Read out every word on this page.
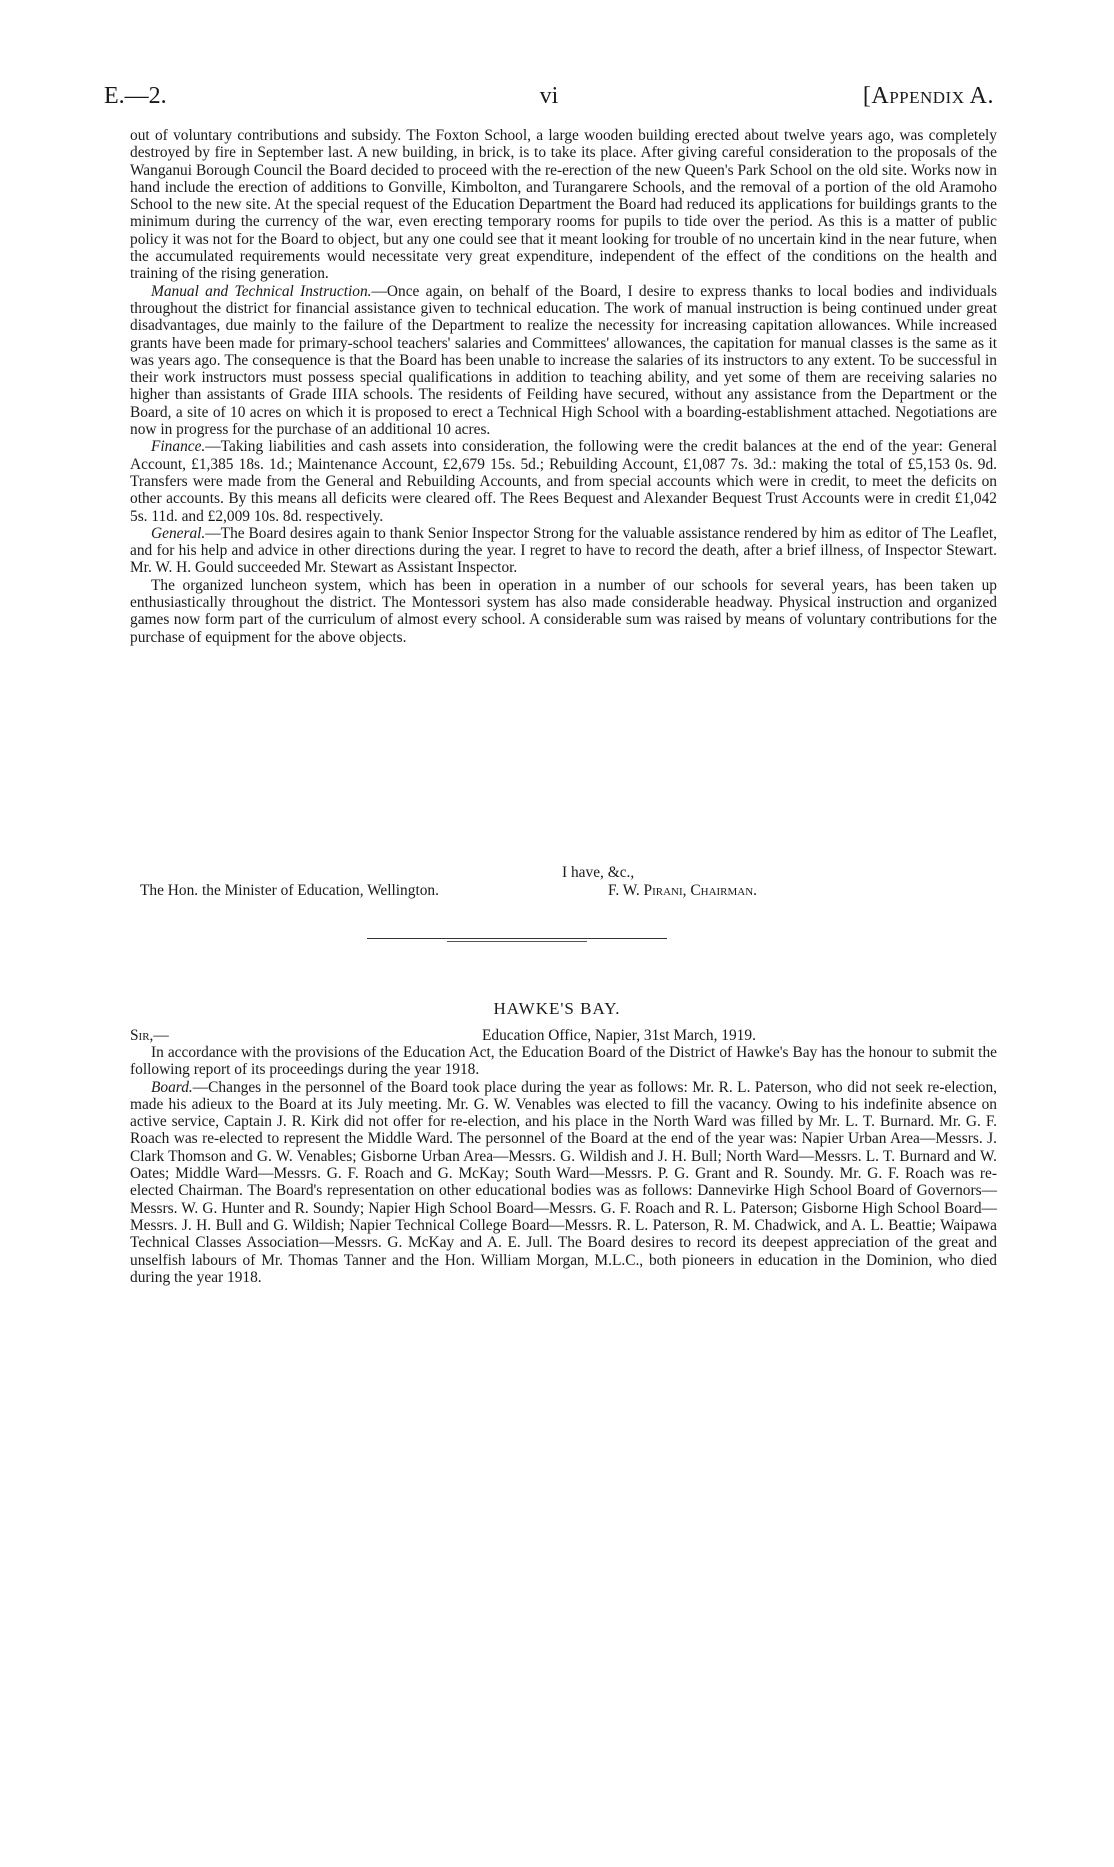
E.—2.	vi	[Appendix A.

out of voluntary contributions and subsidy. The Foxton School, a large wooden building erected about twelve years ago, was completely destroyed by fire in September last. A new building, in brick, is to take its place. After giving careful consideration to the proposals of the Wanganui Borough Council the Board decided to proceed with the re-erection of the new Queen's Park School on the old site. Works now in hand include the erection of additions to Gonville, Kimbolton, and Turangarere Schools, and the removal of a portion of the old Aramoho School to the new site. At the special request of the Education Department the Board had reduced its applications for buildings grants to the minimum during the currency of the war, even erecting temporary rooms for pupils to tide over the period. As this is a matter of public policy it was not for the Board to object, but any one could see that it meant looking for trouble of no uncertain kind in the near future, when the accumulated requirements would necessitate very great expenditure, independent of the effect of the conditions on the health and training of the rising generation.

Manual and Technical Instruction.—Once again, on behalf of the Board, I desire to express thanks to local bodies and individuals throughout the district for financial assistance given to technical education. The work of manual instruction is being continued under great disadvantages, due mainly to the failure of the Department to realize the necessity for increasing capitation allowances. While increased grants have been made for primary-school teachers' salaries and Committees' allowances, the capitation for manual classes is the same as it was years ago. The consequence is that the Board has been unable to increase the salaries of its instructors to any extent. To be successful in their work instructors must possess special qualifications in addition to teaching ability, and yet some of them are receiving salaries no higher than assistants of Grade IIIA schools. The residents of Feilding have secured, without any assistance from the Department or the Board, a site of 10 acres on which it is proposed to erect a Technical High School with a boarding-establishment attached. Negotiations are now in progress for the purchase of an additional 10 acres.

Finance.—Taking liabilities and cash assets into consideration, the following were the credit balances at the end of the year: General Account, £1,385 18s. 1d.; Maintenance Account, £2,679 15s. 5d.; Rebuilding Account, £1,087 7s. 3d.: making the total of £5,153 0s. 9d. Transfers were made from the General and Rebuilding Accounts, and from special accounts which were in credit, to meet the deficits on other accounts. By this means all deficits were cleared off. The Rees Bequest and Alexander Bequest Trust Accounts were in credit £1,042 5s. 11d. and £2,009 10s. 8d. respectively.

General.—The Board desires again to thank Senior Inspector Strong for the valuable assistance rendered by him as editor of The Leaflet, and for his help and advice in other directions during the year. I regret to have to record the death, after a brief illness, of Inspector Stewart. Mr. W. H. Gould succeeded Mr. Stewart as Assistant Inspector.

The organized luncheon system, which has been in operation in a number of our schools for several years, has been taken up enthusiastically throughout the district. The Montessori system has also made considerable headway. Physical instruction and organized games now form part of the curriculum of almost every school. A considerable sum was raised by means of voluntary contributions for the purchase of equipment for the above objects.

I have, &c.,
The Hon. the Minister of Education, Wellington.	F. W. Pirani, Chairman.
HAWKE'S BAY.
Sir,—	Education Office, Napier, 31st March, 1919.

In accordance with the provisions of the Education Act, the Education Board of the District of Hawke's Bay has the honour to submit the following report of its proceedings during the year 1918.

Board.—Changes in the personnel of the Board took place during the year as follows: Mr. R. L. Paterson, who did not seek re-election, made his adieux to the Board at its July meeting. Mr. G. W. Venables was elected to fill the vacancy. Owing to his indefinite absence on active service, Captain J. R. Kirk did not offer for re-election, and his place in the North Ward was filled by Mr. L. T. Burnard. Mr. G. F. Roach was re-elected to represent the Middle Ward. The personnel of the Board at the end of the year was: Napier Urban Area—Messrs. J. Clark Thomson and G. W. Venables; Gisborne Urban Area—Messrs. G. Wildish and J. H. Bull; North Ward—Messrs. L. T. Burnard and W. Oates; Middle Ward—Messrs. G. F. Roach and G. McKay; South Ward—Messrs. P. G. Grant and R. Soundy. Mr. G. F. Roach was re-elected Chairman. The Board's representation on other educational bodies was as follows: Dannevirke High School Board of Governors—Messrs. W. G. Hunter and R. Soundy; Napier High School Board—Messrs. G. F. Roach and R. L. Paterson; Gisborne High School Board—Messrs. J. H. Bull and G. Wildish; Napier Technical College Board—Messrs. R. L. Paterson, R. M. Chadwick, and A. L. Beattie; Waipawa Technical Classes Association—Messrs. G. McKay and A. E. Jull. The Board desires to record its deepest appreciation of the great and unselfish labours of Mr. Thomas Tanner and the Hon. William Morgan, M.L.C., both pioneers in education in the Dominion, who died during the year 1918.
